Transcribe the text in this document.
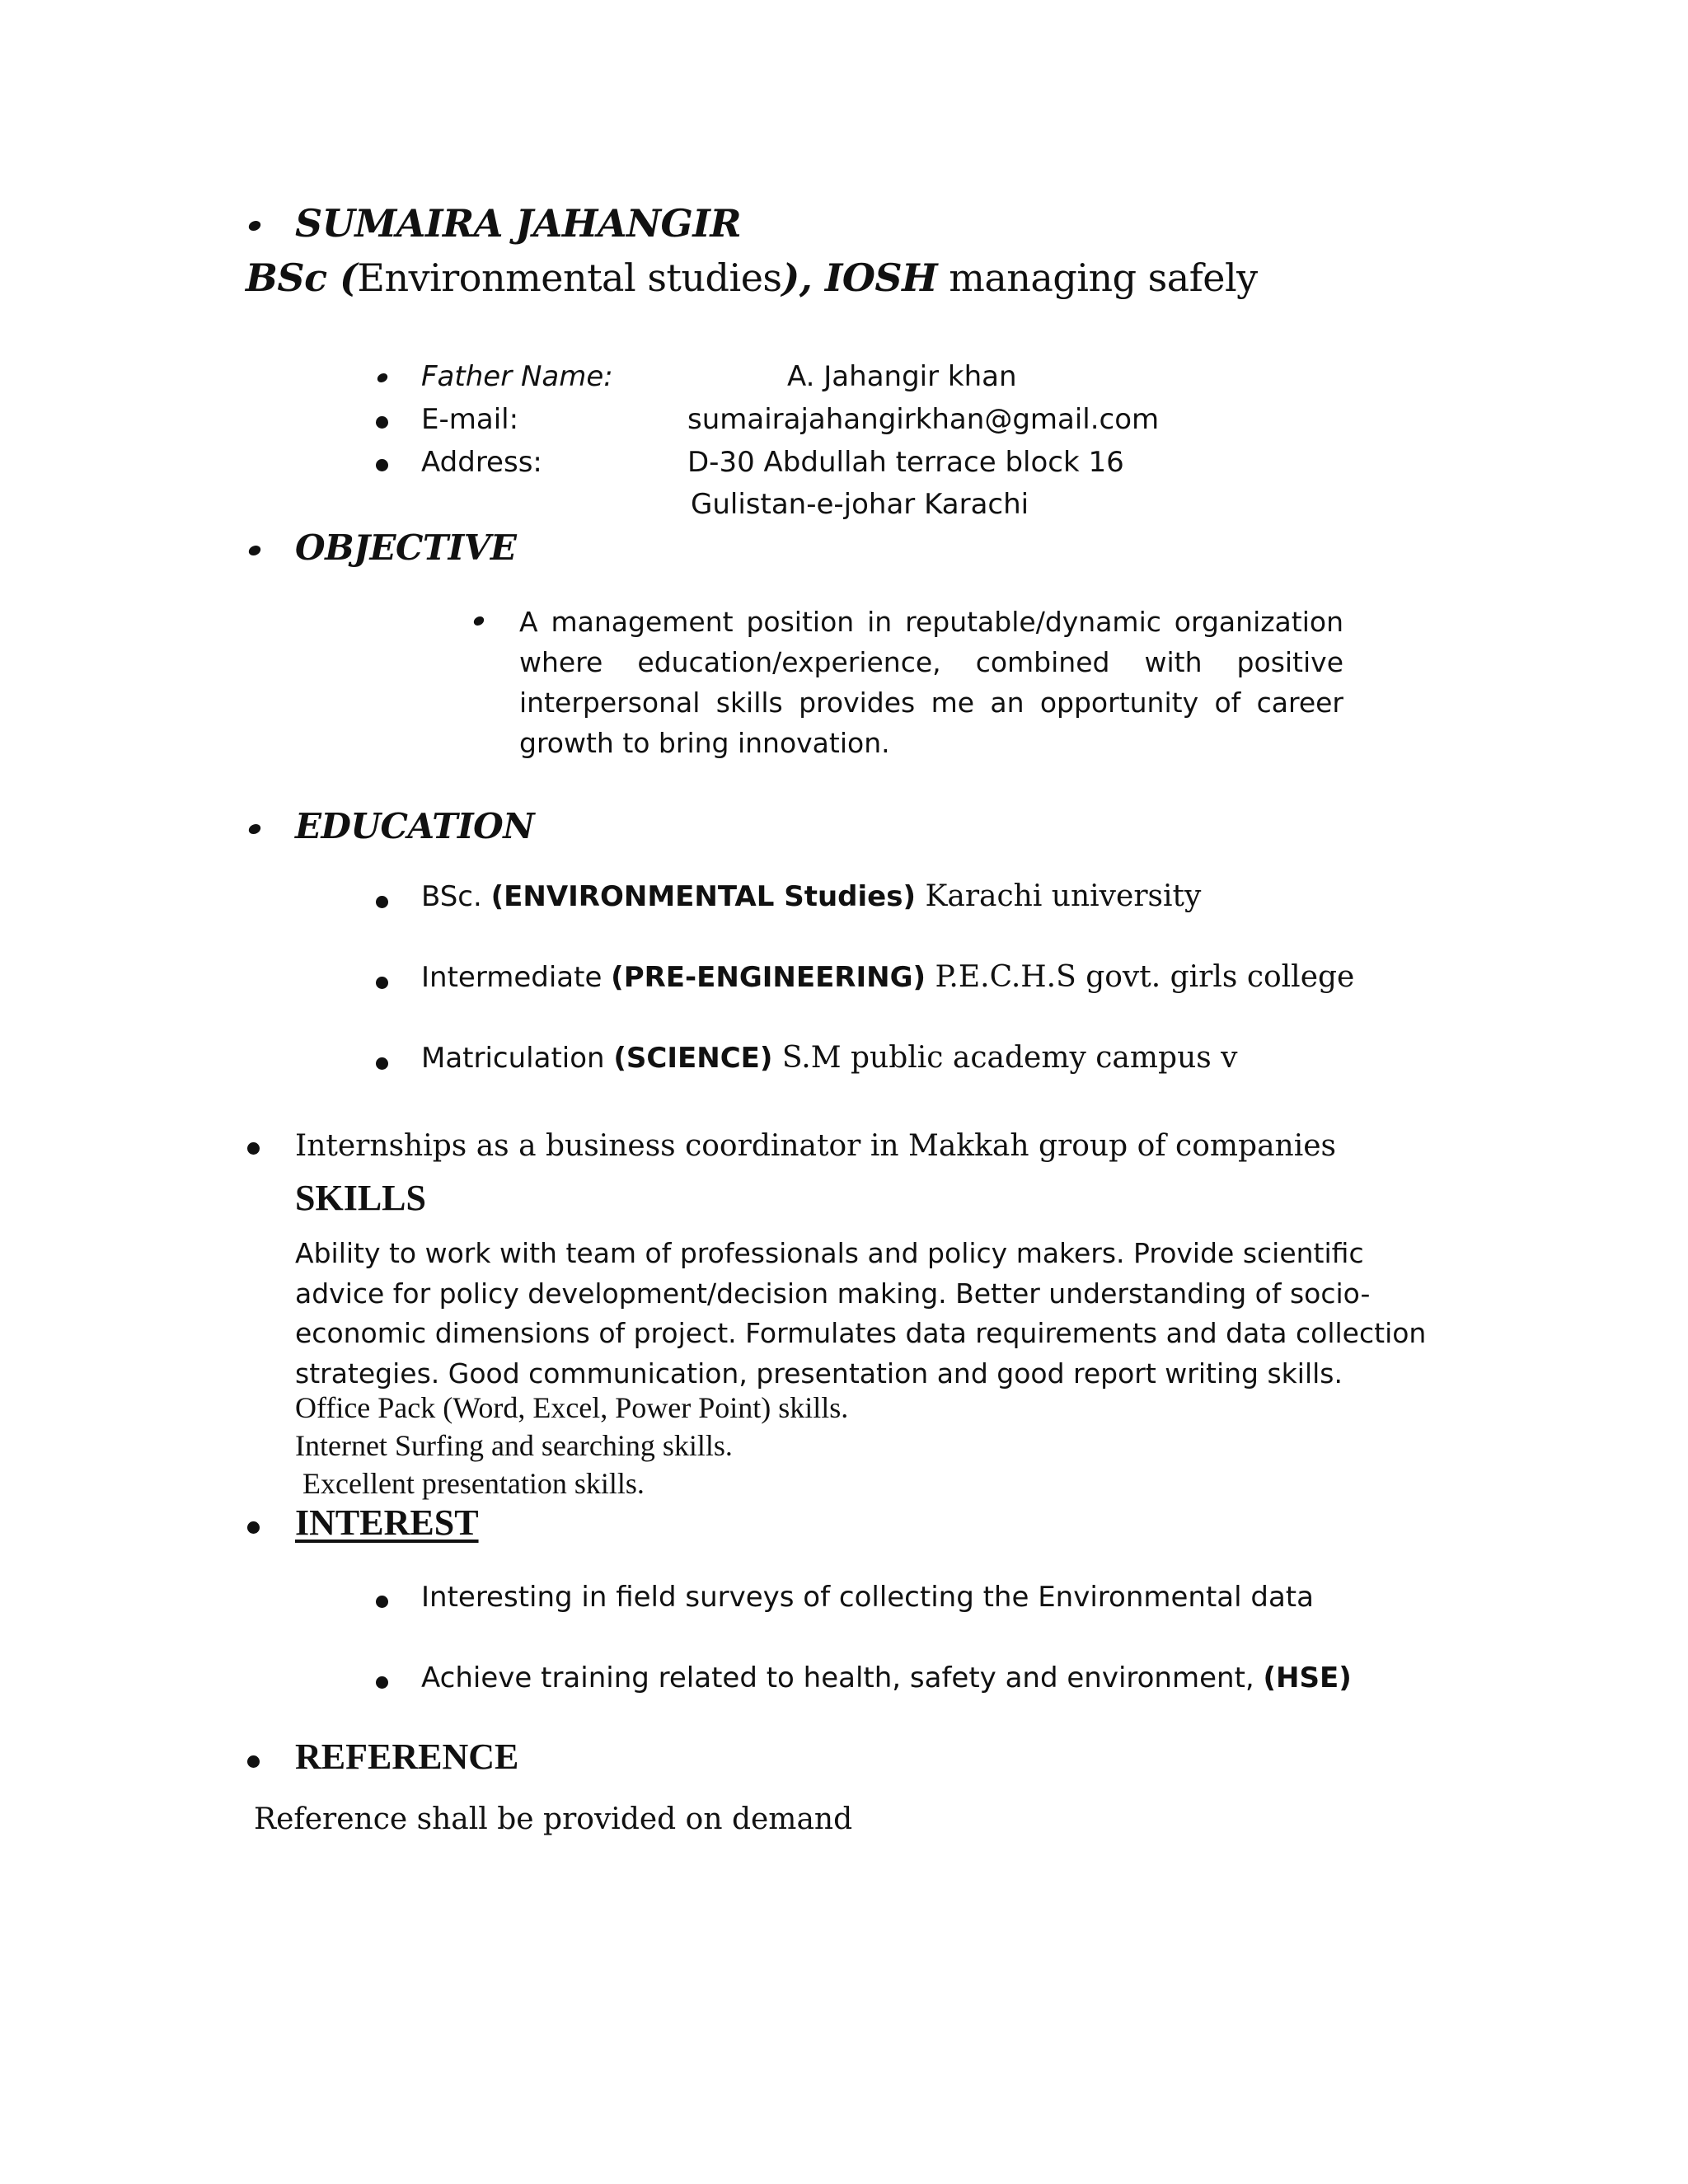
SUMAIRA JAHANGIR
BSc (Environmental studies), IOSH managing safely
Father Name:	A. Jahangir khan
E-mail:	sumairajahangirkhan@gmail.com
Address:	D-30 Abdullah terrace block 16
Gulistan-e-johar Karachi
OBJECTIVE
A management position in reputable/dynamic organization where education/experience, combined with positive interpersonal skills provides me an opportunity of career growth to bring innovation.
EDUCATION
BSc. (ENVIRONMENTAL Studies) Karachi university
Intermediate (PRE-ENGINEERING) P.E.C.H.S govt. girls college
Matriculation (SCIENCE) S.M public academy campus v
Internships as a business coordinator in Makkah group of companies
SKILLS
Ability to work with team of professionals and policy makers. Provide scientific advice for policy development/decision making. Better understanding of socio-economic dimensions of project. Formulates data requirements and data collection strategies. Good communication, presentation and good report writing skills.
Office Pack (Word, Excel, Power Point) skills.
Internet Surfing and searching skills.
Excellent presentation skills.
INTEREST
Interesting in field surveys of collecting the Environmental data
Achieve training related to health, safety and environment, (HSE)
REFERENCE
Reference shall be provided on demand
